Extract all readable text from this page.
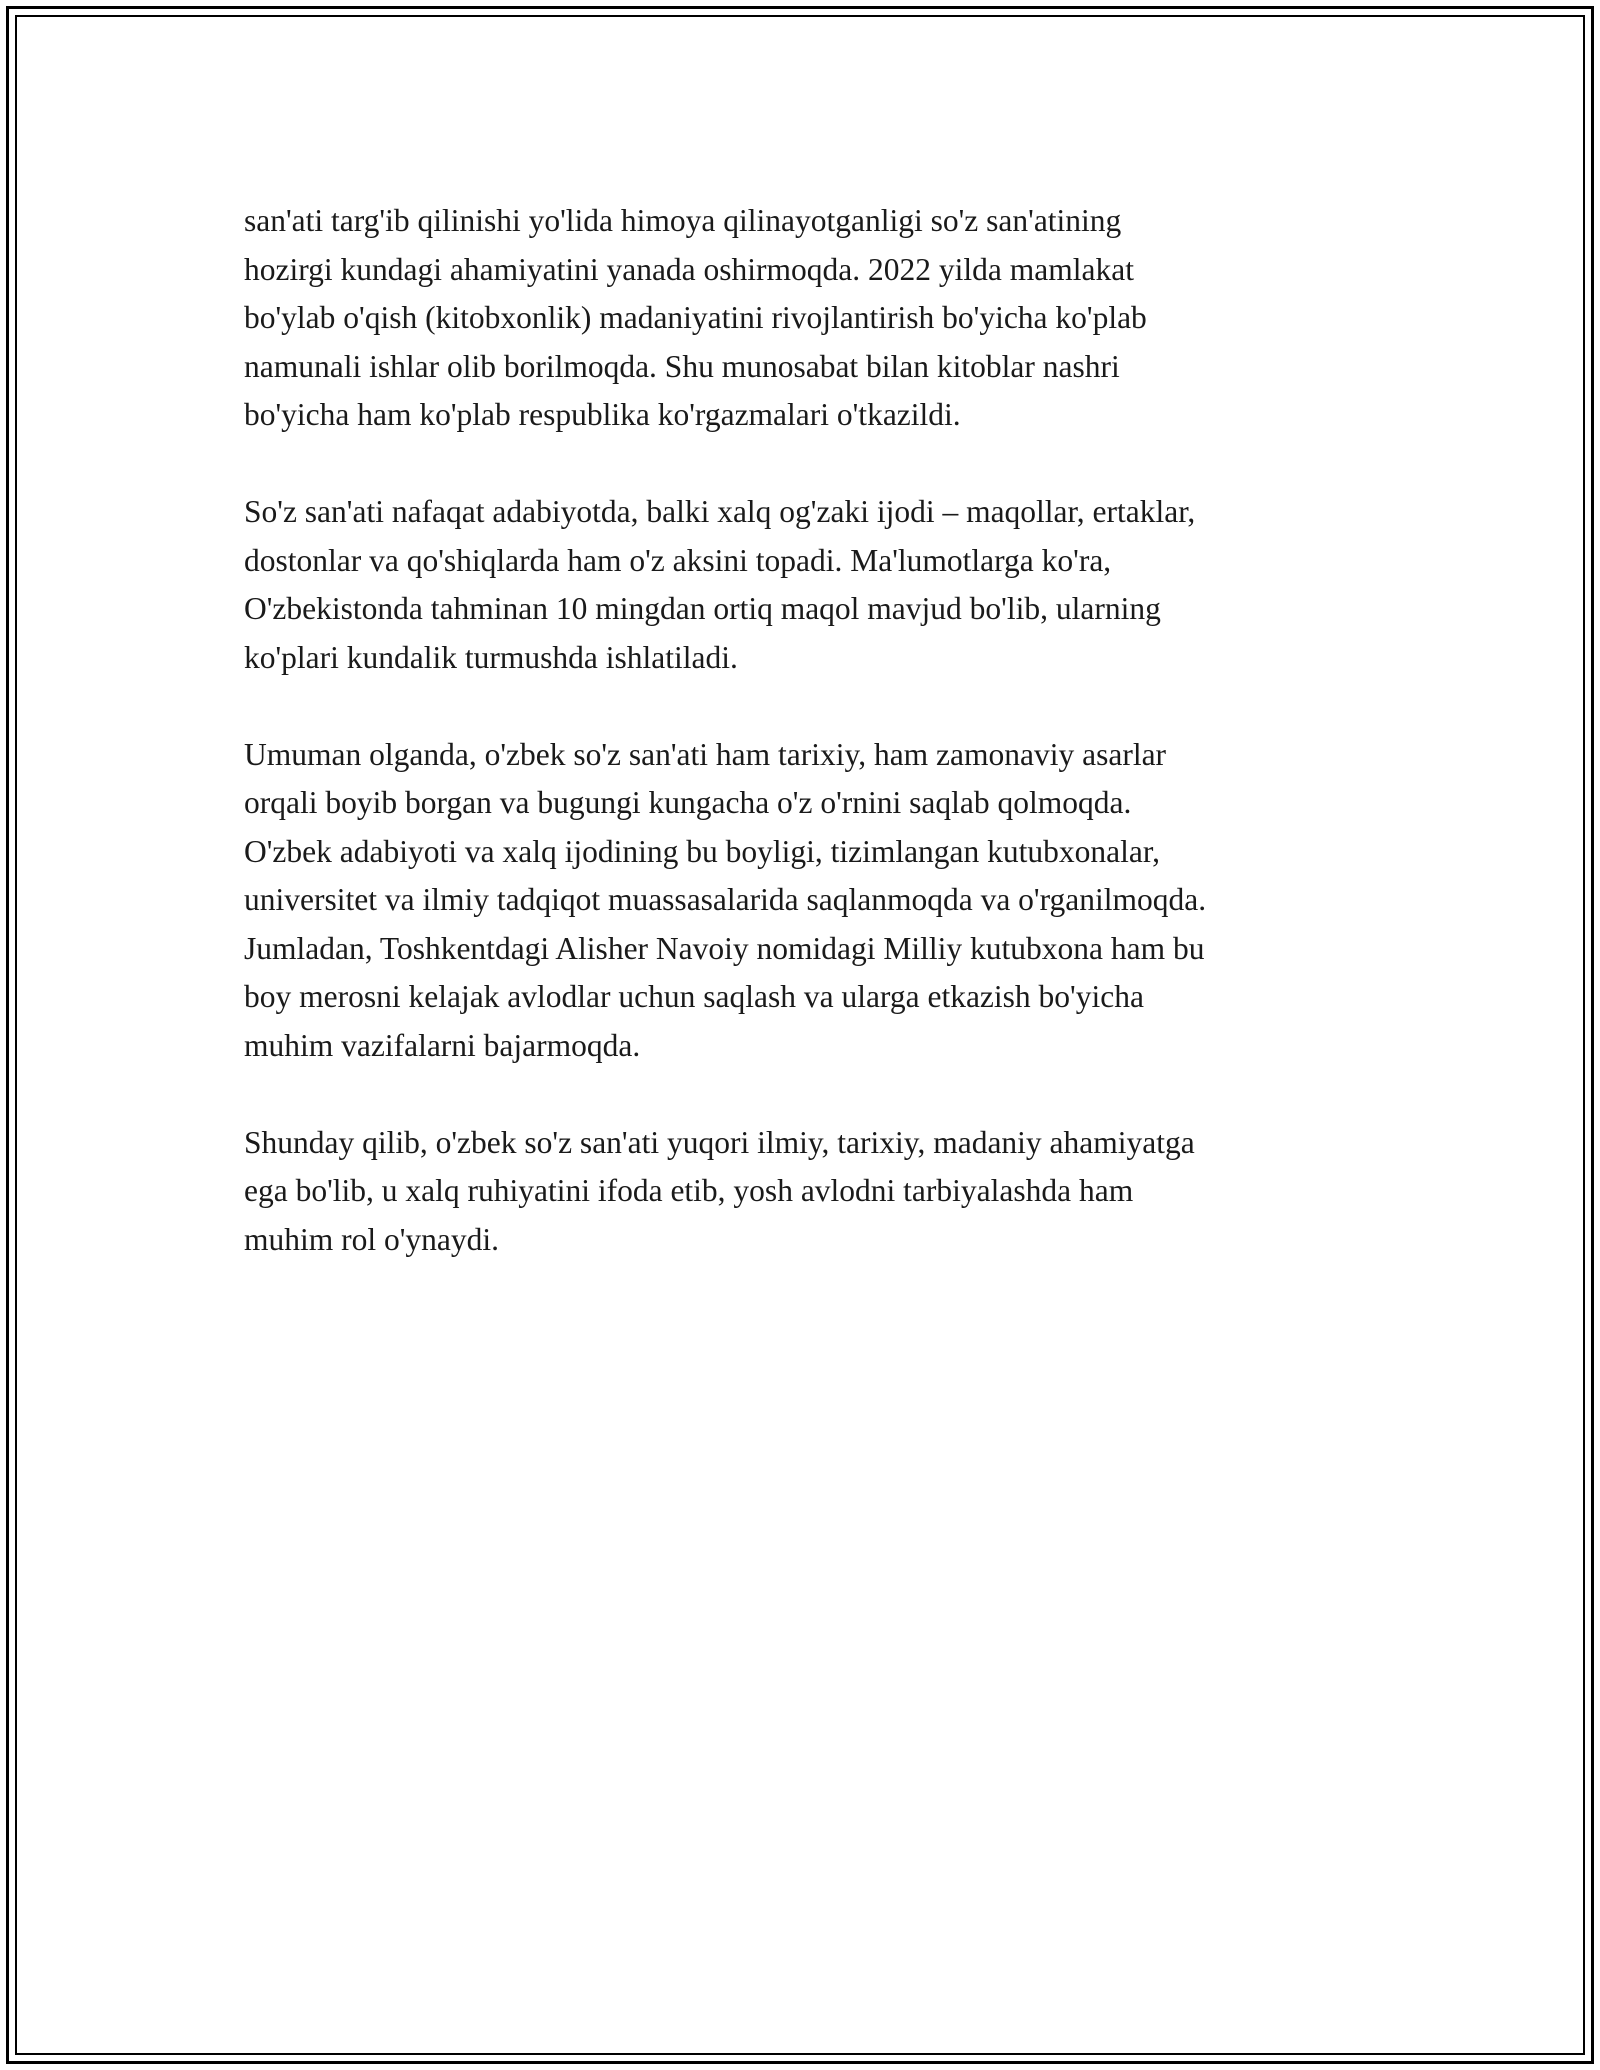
san'ati targ'ib qilinishi yo'lida himoya qilinayotganligi so'z san'atining
hozirgi kundagi ahamiyatini yanada oshirmoqda. 2022 yilda mamlakat
bo'ylab o'qish (kitobxonlik) madaniyatini rivojlantirish bo'yicha ko'plab
namunali ishlar olib borilmoqda. Shu munosabat bilan kitoblar nashri
bo'yicha ham ko'plab respublika ko'rgazmalari o'tkazildi.

So'z san'ati nafaqat adabiyotda, balki xalq og'zaki ijodi – maqollar, ertaklar,
dostonlar va qo'shiqlarda ham o'z aksini topadi. Ma'lumotlarga ko'ra,
O'zbekistonda tahminan 10 mingdan ortiq maqol mavjud bo'lib, ularning
ko'plari kundalik turmushda ishlatiladi.

Umuman olganda, o'zbek so'z san'ati ham tarixiy, ham zamonaviy asarlar
orqali boyib borgan va bugungi kungacha o'z o'rnini saqlab qolmoqda.
O'zbek adabiyoti va xalq ijodining bu boyligi, tizimlangan kutubxonalar,
universitet va ilmiy tadqiqot muassasalarida saqlanmoqda va o'rganilmoqda.
Jumladan, Toshkentdagi Alisher Navoiy nomidagi Milliy kutubxona ham bu
boy merosni kelajak avlodlar uchun saqlash va ularga etkazish bo'yicha
muhim vazifalarni bajarmoqda.

Shunday qilib, o'zbek so'z san'ati yuqori ilmiy, tarixiy, madaniy ahamiyatga
ega bo'lib, u xalq ruhiyatini ifoda etib, yosh avlodni tarbiyalashda ham
muhim rol o'ynaydi.
